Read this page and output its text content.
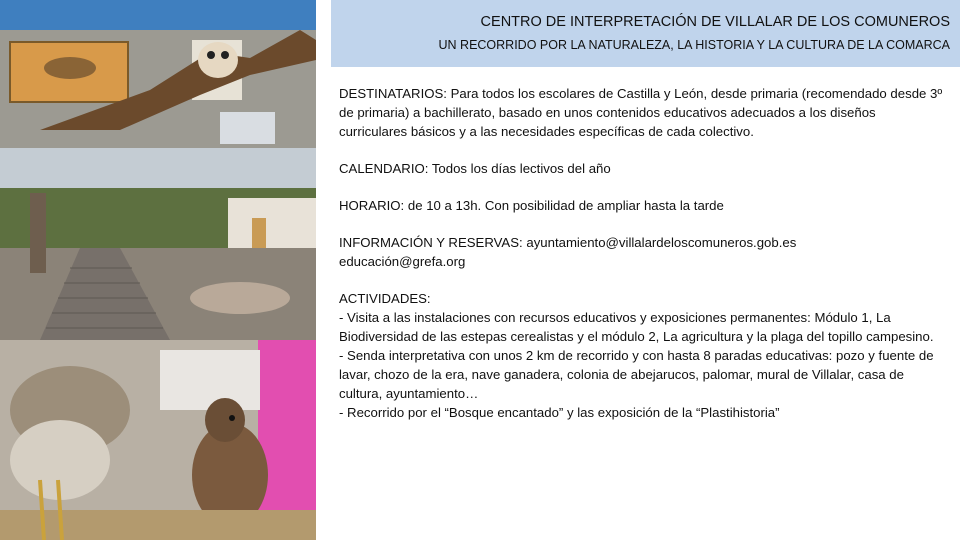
CENTRO DE INTERPRETACIÓN DE VILLALAR DE LOS COMUNEROS
UN RECORRIDO POR LA NATURALEZA, LA HISTORIA Y LA CULTURA DE LA COMARCA

DESTINATARIOS: Para todos los escolares de Castilla y León, desde primaria (recomendado desde 3º de primaria) a bachillerato, basado en unos contenidos educativos adecuados a los diseños curriculares básicos y a las necesidades específicas de cada colectivo.

CALENDARIO: Todos los días lectivos del año

HORARIO: de 10 a 13h. Con posibilidad de ampliar hasta la tarde

INFORMACIÓN Y RESERVAS: ayuntamiento@villalardeloscomuneros.gob.es

educación@grefa.org

ACTIVIDADES:

- Visita a las instalaciones con recursos educativos y exposiciones permanentes: Módulo 1, La Biodiversidad de las estepas cerealistas y el módulo 2, La agricultura y la plaga del topillo campesino.

- Senda interpretativa con unos 2 km de recorrido y con hasta 8 paradas educativas: pozo y fuente de lavar, chozo de la era, nave ganadera, colonia de abejarucos, palomar, mural de Villalar, casa de cultura, ayuntamiento…

- Recorrido por el “Bosque encantado” y las exposición de la “Plastihistoria”
